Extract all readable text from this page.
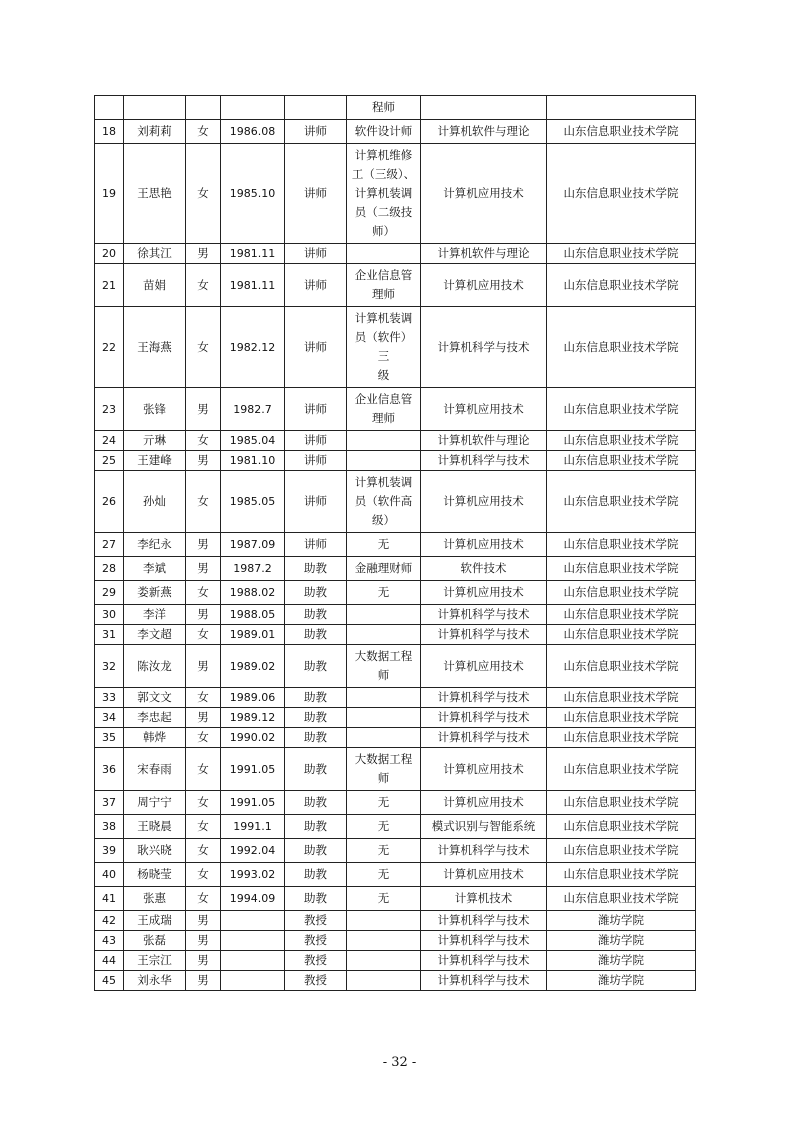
					程师		
18	刘莉莉	女	1986.08	讲师	软件设计师	计算机软件与理论	山东信息职业技术学院
19	王思艳	女	1985.10	讲师	计算机维修
工（三级）、
计算机装调
员（二级技
师）	计算机应用技术	山东信息职业技术学院
20	徐其江	男	1981.11	讲师		计算机软件与理论	山东信息职业技术学院
21	苗娟	女	1981.11	讲师	企业信息管
理师	计算机应用技术	山东信息职业技术学院
22	王海燕	女	1982.12	讲师	计算机装调
员（软件）三
级	计算机科学与技术	山东信息职业技术学院
23	张锋	男	1982.7	讲师	企业信息管
理师	计算机应用技术	山东信息职业技术学院
24	亓琳	女	1985.04	讲师		计算机软件与理论	山东信息职业技术学院
25	王建峰	男	1981.10	讲师		计算机科学与技术	山东信息职业技术学院
26	孙灿	女	1985.05	讲师	计算机装调
员（软件高
级）	计算机应用技术	山东信息职业技术学院
27	李纪永	男	1987.09	讲师	无	计算机应用技术	山东信息职业技术学院
28	李斌	男	1987.2	助教	金融理财师	软件技术	山东信息职业技术学院
29	娄新燕	女	1988.02	助教	无	计算机应用技术	山东信息职业技术学院
30	李洋	男	1988.05	助教		计算机科学与技术	山东信息职业技术学院
31	李文超	女	1989.01	助教		计算机科学与技术	山东信息职业技术学院
32	陈汝龙	男	1989.02	助教	大数据工程
师	计算机应用技术	山东信息职业技术学院
33	郭文文	女	1989.06	助教		计算机科学与技术	山东信息职业技术学院
34	李忠起	男	1989.12	助教		计算机科学与技术	山东信息职业技术学院
35	韩烨	女	1990.02	助教		计算机科学与技术	山东信息职业技术学院
36	宋春雨	女	1991.05	助教	大数据工程
师	计算机应用技术	山东信息职业技术学院
37	周宁宁	女	1991.05	助教	无	计算机应用技术	山东信息职业技术学院
38	王晓晨	女	1991.1	助教	无	模式识别与智能系统	山东信息职业技术学院
39	耿兴晓	女	1992.04	助教	无	计算机科学与技术	山东信息职业技术学院
40	杨晓莹	女	1993.02	助教	无	计算机应用技术	山东信息职业技术学院
41	张惠	女	1994.09	助教	无	计算机技术	山东信息职业技术学院
42	王成瑞	男		教授		计算机科学与技术	潍坊学院
43	张磊	男		教授		计算机科学与技术	潍坊学院
44	王宗江	男		教授		计算机科学与技术	潍坊学院
45	刘永华	男		教授		计算机科学与技术	潍坊学院
- 32 -
